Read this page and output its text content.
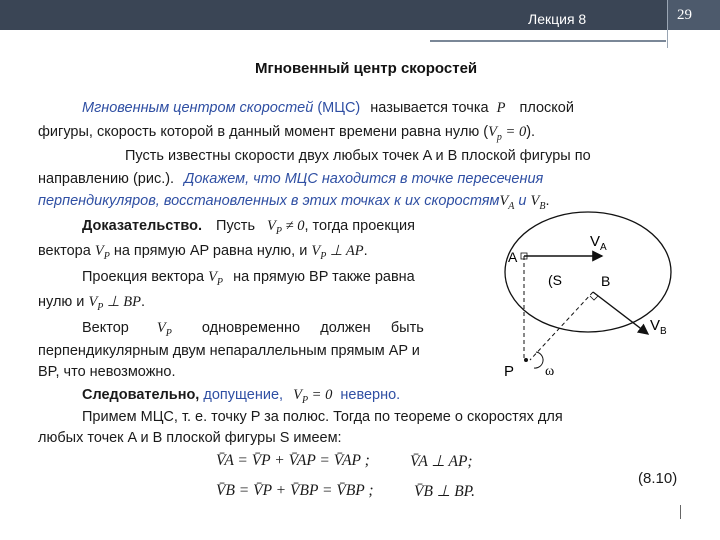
Лекция 8	29
Мгновенный центр скоростей
Мгновенным центром скоростей (МЦС) называется точка P плоской
фигуры, скорость которой в данный момент времени равна нулю $(V_p = 0)$.
Пусть известны скорости двух любых точек A и B плоской фигуры по
направлению (рис.). Докажем, что МЦС находится в точке пересечения
перпендикуляров, восстановленных в этих точках к их скоростямV$_A$ и $V_B$.
Доказательство. Пусть $V_P \ne 0$, тогда проекция
вектора $V_P$ на прямую AP равна нулю, и $V_P$ ⊥ AP.
Проекция вектора $V_P$ на прямую BP также равна
нулю и $V_P$ ⊥ BP.
Вектор $V_P$ одновременно     должен     быть
перпендикулярным двум непараллельным прямым AP и
BP, что невозможно.
Следовательно, допущение, $V_P = 0$ неверно.
Примем МЦС, т. е. точку P за полюс. Тогда по теореме о скоростях для
любых точек A и B плоской фигуры S имеем:
V̄A = V̄P + V̄AP = V̄AP ;	V̄A ⊥ AP;
V̄B = V̄P + V̄BP = V̄BP ;	V̄B ⊥ BP.
(8.10)
A
B
(S
P
V A
V B
ω
